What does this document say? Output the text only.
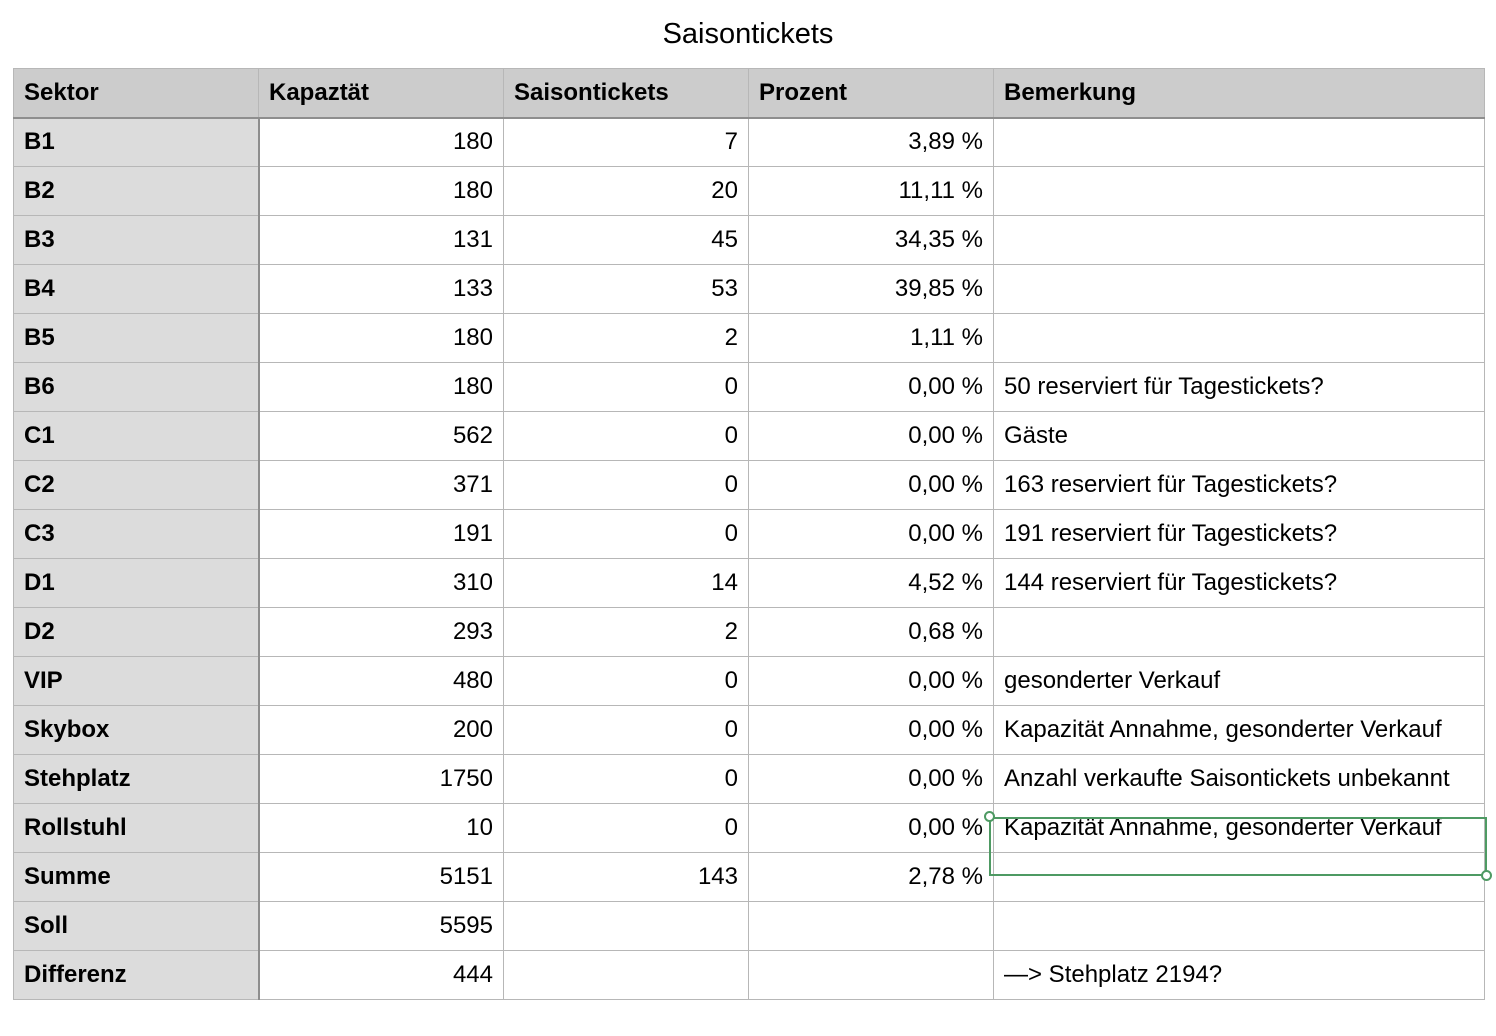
Saisontickets
Sektor	Kapaztät	Saisontickets	Prozent	Bemerkung
B1	180	7	3,89 %	
B2	180	20	11,11 %	
B3	131	45	34,35 %	
B4	133	53	39,85 %	
B5	180	2	1,11 %	
B6	180	0	0,00 %	50 reserviert für Tagestickets?
C1	562	0	0,00 %	Gäste
C2	371	0	0,00 %	163 reserviert für Tagestickets?
C3	191	0	0,00 %	191 reserviert für Tagestickets?
D1	310	14	4,52 %	144 reserviert für Tagestickets?
D2	293	2	0,68 %	
VIP	480	0	0,00 %	gesonderter Verkauf
Skybox	200	0	0,00 %	Kapazität Annahme, gesonderter Verkauf
Stehplatz	1750	0	0,00 %	Anzahl verkaufte Saisontickets unbekannt
Rollstuhl	10	0	0,00 %	Kapazität Annahme, gesonderter Verkauf
Summe	5151	143	2,78 %	
Soll	5595			
Differenz	444			—> Stehplatz 2194?
